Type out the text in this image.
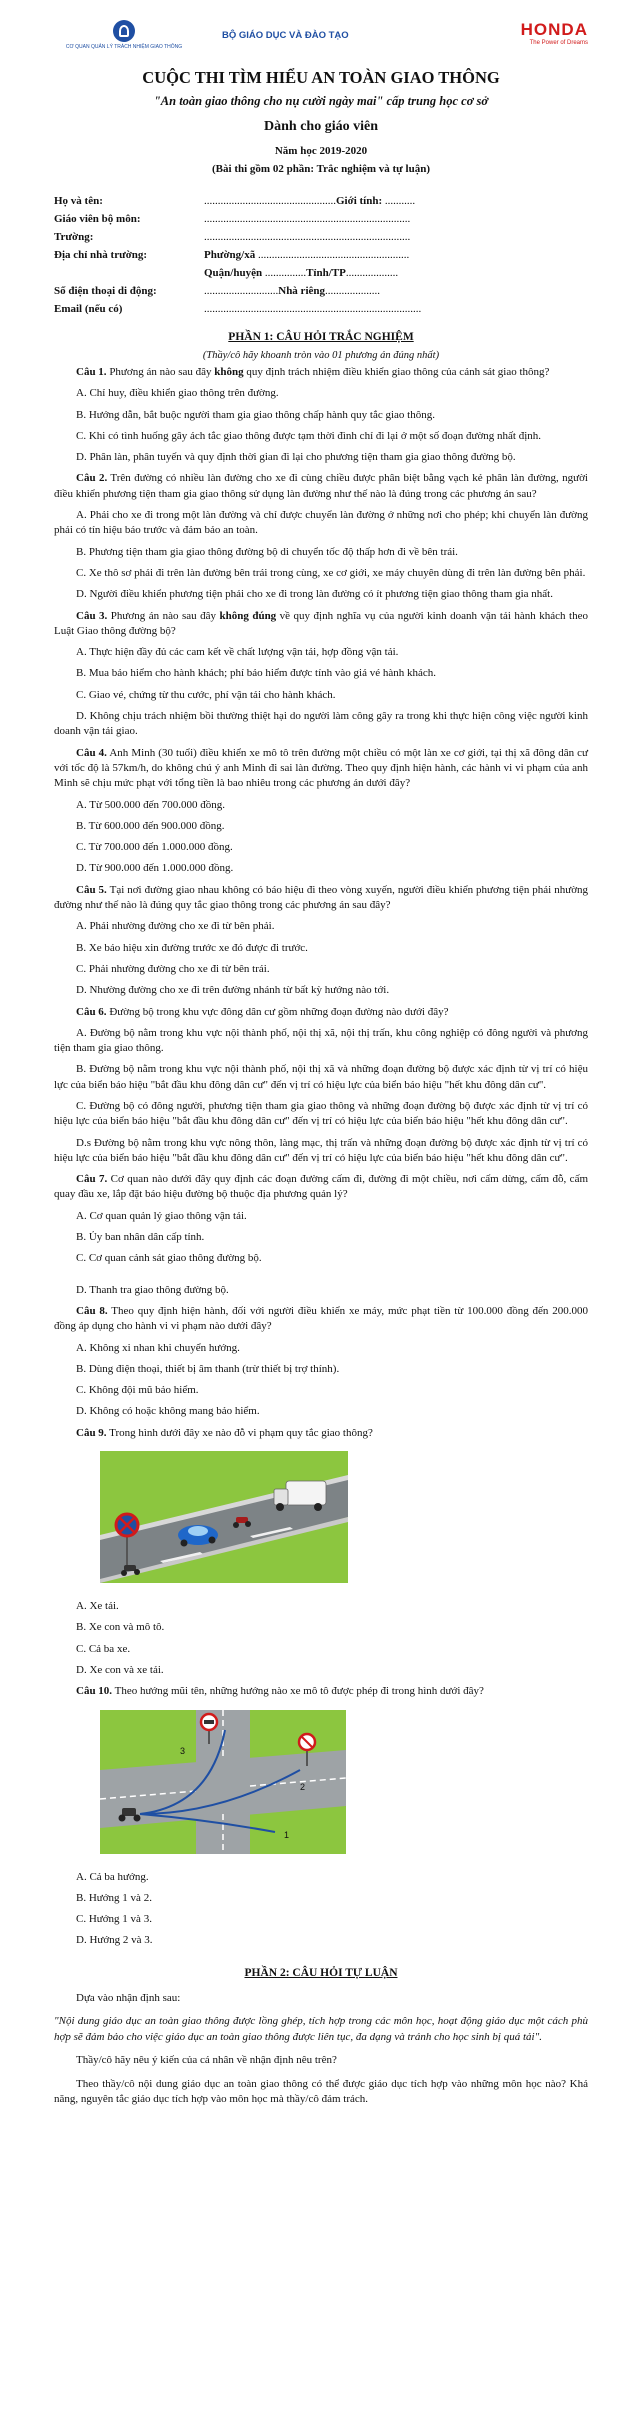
CƠ QUAN QUẢN LÝ TRÁCH NHIỆM GIAO THÔNG
BỘ GIÁO DỤC VÀ ĐÀO TẠO	HONDA
The Power of Dreams
CUỘC THI TÌM HIỂU AN TOÀN GIAO THÔNG
"An toàn giao thông cho nụ cười ngày mai" cấp trung học cơ sở
Dành cho giáo viên
Năm học 2019-2020
(Bài thi gồm 02 phần: Trắc nghiệm và tự luận)
Họ và tên:	................................................Giới tính: ...........
Giáo viên bộ môn:	...........................................................................
Trường:	...........................................................................
Địa chỉ nhà trường:	Phường/xã .......................................................
Quận/huyện ...............Tỉnh/TP...................
Số điện thoại di động:	...........................Nhà riêng....................
Email (nếu có)	...............................................................................
PHẦN 1: CÂU HỎI TRẮC NGHIỆM
(Thầy/cô hãy khoanh tròn vào 01 phương án đúng nhất)

Câu 1. Phương án nào sau đây không quy định trách nhiệm điều khiển giao thông của cảnh sát giao thông?

A. Chỉ huy, điều khiển giao thông trên đường.

B. Hướng dẫn, bắt buộc người tham gia giao thông chấp hành quy tắc giao thông.

C. Khi có tình huống gây ách tắc giao thông được tạm thời đình chỉ đi lại ở một số đoạn đường nhất định.

D. Phân làn, phân tuyến và quy định thời gian đi lại cho phương tiện tham gia giao thông đường bộ.

Câu 2. Trên đường có nhiều làn đường cho xe đi cùng chiều được phân biệt bằng vạch kẻ phân làn đường, người điều khiển phương tiện tham gia giao thông sử dụng làn đường như thế nào là đúng trong các phương án sau?

A. Phải cho xe đi trong một làn đường và chỉ được chuyển làn đường ở những nơi cho phép; khi chuyển làn đường phải có tín hiệu báo trước và đảm bảo an toàn.

B. Phương tiện tham gia giao thông đường bộ di chuyển tốc độ thấp hơn đi về bên trái.

C. Xe thô sơ phải đi trên làn đường bên trái trong cùng, xe cơ giới, xe máy chuyên dùng đi trên làn đường bên phải.

D. Người điều khiển phương tiện phải cho xe đi trong làn đường có ít phương tiện giao thông tham gia nhất.

Câu 3. Phương án nào sau đây không đúng về quy định nghĩa vụ của người kinh doanh vận tải hành khách theo Luật Giao thông đường bộ?

A. Thực hiện đầy đủ các cam kết về chất lượng vận tải, hợp đồng vận tải.

B. Mua bảo hiểm cho hành khách; phí bảo hiểm được tính vào giá vé hành khách.

C. Giao vé, chứng từ thu cước, phí vận tải cho hành khách.

D. Không chịu trách nhiệm bồi thường thiệt hại do người làm công gây ra trong khi thực hiện công việc người kinh doanh vận tải giao.

Câu 4. Anh Minh (30 tuổi) điều khiển xe mô tô trên đường một chiều có một làn xe cơ giới, tại thị xã đông dân cư với tốc độ là 57km/h, do không chú ý anh Minh đi sai làn đường. Theo quy định hiện hành, các hành vi vi phạm của anh Minh sẽ chịu mức phạt với tổng tiền là bao nhiêu trong các phương án dưới đây?

A. Từ 500.000 đến 700.000 đồng.

B. Từ 600.000 đến 900.000 đồng.

C. Từ 700.000 đến 1.000.000 đồng.

D. Từ 900.000 đến 1.000.000 đồng.

Câu 5. Tại nơi đường giao nhau không có báo hiệu đi theo vòng xuyến, người điều khiển phương tiện phải nhường đường như thế nào là đúng quy tắc giao thông trong các phương án sau đây?

A. Phải nhường đường cho xe đi từ bên phải.

B. Xe báo hiệu xin đường trước xe đó được đi trước.

C. Phải nhường đường cho xe đi từ bên trái.

D. Nhường đường cho xe đi trên đường nhánh từ bất kỳ hướng nào tới.

Câu 6. Đường bộ trong khu vực đông dân cư gồm những đoạn đường nào dưới đây?

A. Đường bộ nằm trong khu vực nội thành phố, nội thị xã, nội thị trấn, khu công nghiệp có đông người và phương tiện tham gia giao thông.

B. Đường bộ nằm trong khu vực nội thành phố, nội thị xã và những đoạn đường bộ được xác định từ vị trí có hiệu lực của biển báo hiệu "bắt đầu khu đông dân cư" đến vị trí có hiệu lực của biển báo hiệu "hết khu đông dân cư".

C. Đường bộ có đông người, phương tiện tham gia giao thông và những đoạn đường bộ được xác định từ vị trí có hiệu lực của biển báo hiệu "bắt đầu khu đông dân cư" đến vị trí có hiệu lực của biển báo hiệu "hết khu đông dân cư".

D.s Đường bộ nằm trong khu vực nông thôn, làng mạc, thị trấn và những đoạn đường bộ được xác định từ vị trí có hiệu lực của biển báo hiệu "bắt đầu khu đông dân cư" đến vị trí có hiệu lực của biển báo hiệu "hết khu đông dân cư".

Câu 7. Cơ quan nào dưới đây quy định các đoạn đường cấm đi, đường đi một chiều, nơi cấm dừng, cấm đỗ, cấm quay đầu xe, lắp đặt báo hiệu đường bộ thuộc địa phương quản lý?

A. Cơ quan quản lý giao thông vận tải.

B. Ủy ban nhân dân cấp tỉnh.

C. Cơ quan cảnh sát giao thông đường bộ.

D. Thanh tra giao thông đường bộ.

Câu 8. Theo quy định hiện hành, đối với người điều khiển xe máy, mức phạt tiền từ 100.000 đồng đến 200.000 đồng áp dụng cho hành vi vi phạm nào dưới đây?

A. Không xi nhan khi chuyển hướng.

B. Dùng điện thoại, thiết bị âm thanh (trừ thiết bị trợ thính).

C. Không đội mũ bảo hiểm.

D. Không có hoặc không mang bảo hiểm.

Câu 9. Trong hình dưới đây xe nào đỗ vi phạm quy tắc giao thông?

A. Xe tải.

B. Xe con và mô tô.

C. Cả ba xe.

D. Xe con và xe tải.

Câu 10. Theo hướng mũi tên, những hướng nào xe mô tô được phép đi trong hình dưới đây?

3
2
1

A. Cả ba hướng.

B. Hướng 1 và 2.

C. Hướng 1 và 3.

D. Hướng 2 và 3.

PHẦN 2: CÂU HỎI TỰ LUẬN

Dựa vào nhận định sau:

"Nội dung giáo dục an toàn giao thông được lồng ghép, tích hợp trong các môn học, hoạt động giáo dục một cách phù hợp sẽ đảm bảo cho việc giáo dục an toàn giao thông được liên tục, đa dạng và tránh cho học sinh bị quá tải".

Thầy/cô hãy nêu ý kiến của cá nhân về nhận định nêu trên?

Theo thầy/cô nội dung giáo dục an toàn giao thông có thể được giáo dục tích hợp vào những môn học nào? Khả năng, nguyên tắc giáo dục tích hợp vào môn học mà thầy/cô đảm trách.
